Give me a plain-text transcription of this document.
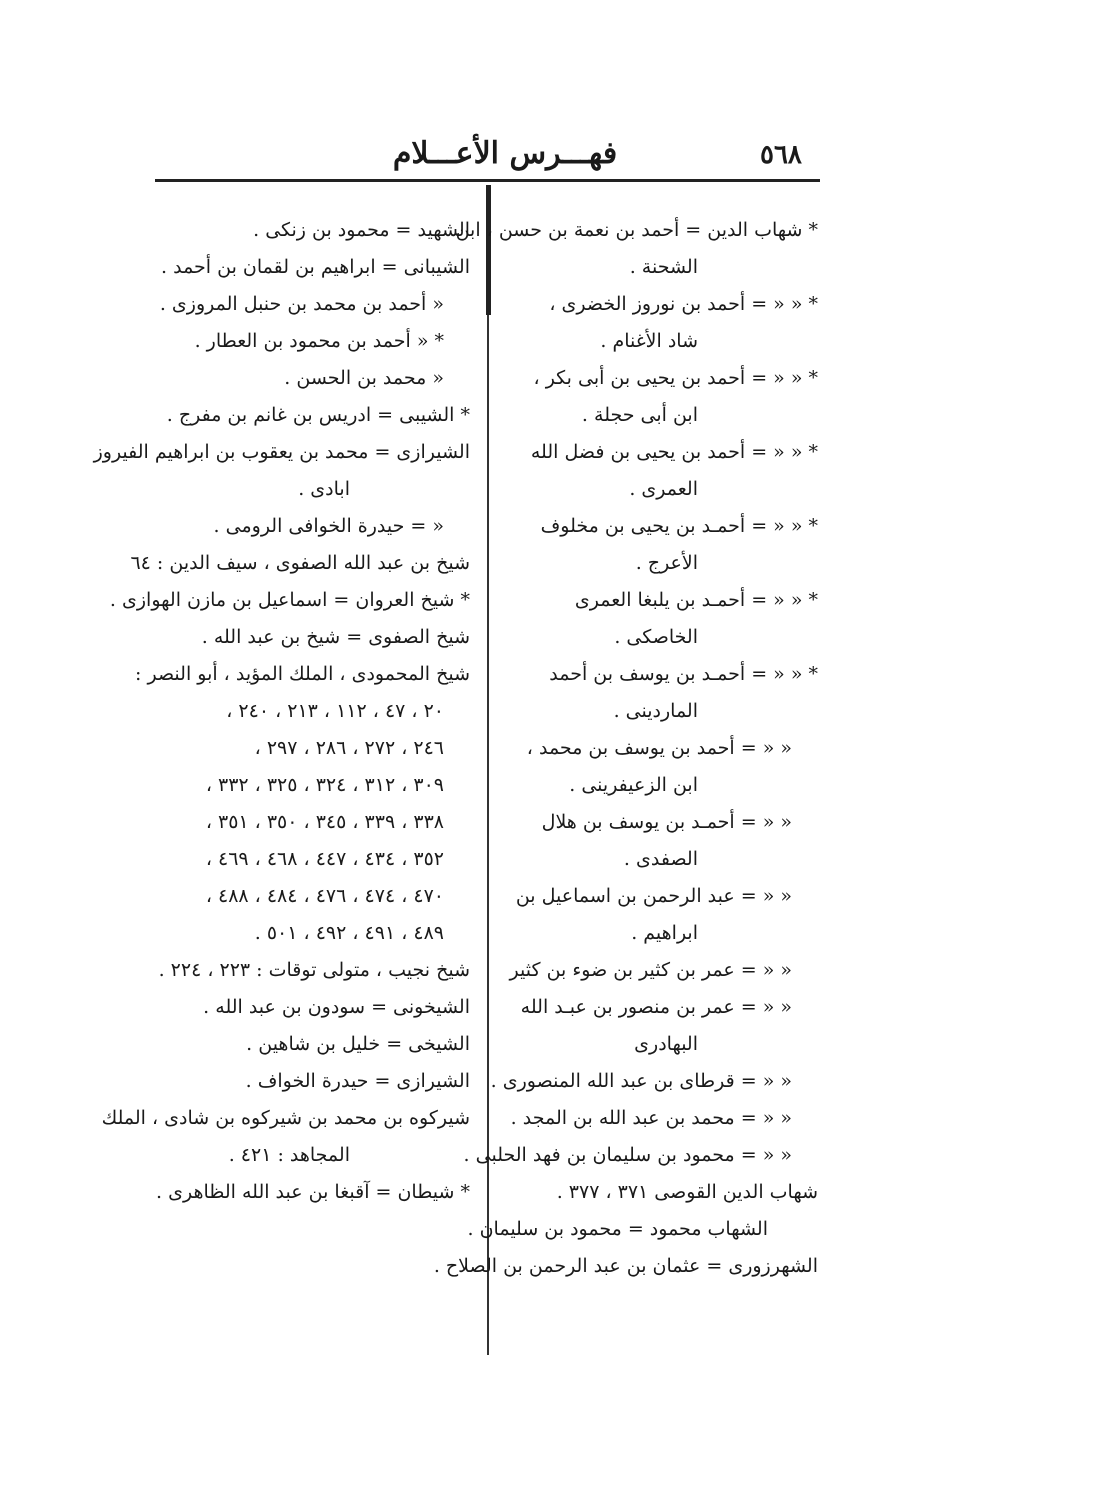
فهـــرس الأعـــلام	٥٦٨
* شهاب الدين = أحمد بن نعمة بن حسن ، ابن
الشحنة .
* « « = أحمد بن نوروز الخضرى ،
شاد الأغنام .
* « « = أحمد بن يحيى بن أبى بكر ،
ابن أبى حجلة .
* « « = أحمد بن يحيى بن فضل الله
العمرى .
* « « = أحمـد بن يحيى بن مخلوف
الأعرج .
* « « = أحمـد بن يلبغا العمرى
الخاصكى .
* « « = أحمـد بن يوسف بن أحمد
الماردينى .
« « = أحمد بن يوسف بن محمد ،
ابن الزعيفرينى .
« « = أحمـد بن يوسف بن هلال
الصفدى .
« « = عبد الرحمن بن اسماعيل بن
ابراهيم .
« « = عمر بن كثير بن ضوء بن كثير
« « = عمر بن منصور بن عبـد الله
البهادرى
« « = قرطاى بن عبد الله المنصورى .
« « = محمد بن عبد الله بن المجد .
« « = محمود بن سليمان بن فهد الحلبى .
شهاب الدين القوصى ٣٧١ ، ٣٧٧ .
الشهاب محمود = محمود بن سليمان .
الشهرزورى = عثمان بن عبد الرحمن بن الصلاح .
الشهيد = محمود بن زنكى .
الشيبانى = ابراهيم بن لقمان بن أحمد .
« أحمد بن محمد بن حنبل المروزى .
* « أحمد بن محمود بن العطار .
« محمد بن الحسن .
* الشيبى = ادريس بن غانم بن مفرج .
الشيرازى = محمد بن يعقوب بن ابراهيم الفيروز
ابادى .
« = حيدرة الخوافى الرومى .
شيخ بن عبد الله الصفوى ، سيف الدين : ٦٤
* شيخ العروان = اسماعيل بن مازن الهوازى .
شيخ الصفوى = شيخ بن عبد الله .
شيخ المحمودى ، الملك المؤيد ، أبو النصر :
٢٠ ، ٤٧ ، ١١٢ ، ٢١٣ ، ٢٤٠ ،
٢٤٦ ، ٢٧٢ ، ٢٨٦ ، ٢٩٧ ،
٣٠٩ ، ٣١٢ ، ٣٢٤ ، ٣٢٥ ، ٣٣٢ ،
٣٣٨ ، ٣٣٩ ، ٣٤٥ ، ٣٥٠ ، ٣٥١ ،
٣٥٢ ، ٤٣٤ ، ٤٤٧ ، ٤٦٨ ، ٤٦٩ ،
٤٧٠ ، ٤٧٤ ، ٤٧٦ ، ٤٨٤ ، ٤٨٨ ،
٤٨٩ ، ٤٩١ ، ٤٩٢ ، ٥٠١ .
شيخ نجيب ، متولى توقات : ٢٢٣ ، ٢٢٤ .
الشيخونى = سودون بن عبد الله .
الشيخى = خليل بن شاهين .
الشيرازى = حيدرة الخواف .
شيركوه بن محمد بن شيركوه بن شادى ، الملك
المجاهد : ٤٢١ .
* شيطان = آقبغا بن عبد الله الظاهرى .
